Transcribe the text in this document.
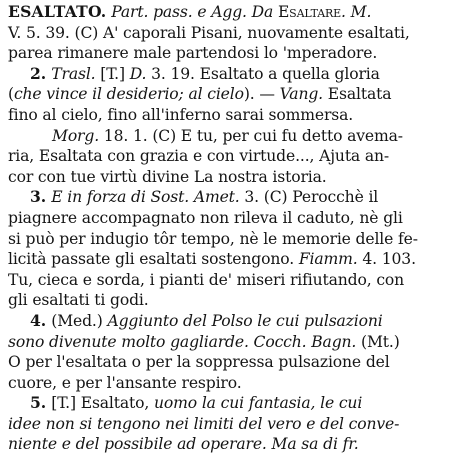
ESALTATO. Part. pass. e Agg. Da Esaltare. M.
V. 5. 39. (C) A' caporali Pisani, nuovamente esaltati,
parea rimanere male partendosi lo 'mperadore.
2. Trasl. [T.] D. 3. 19. Esaltato a quella gloria
(che vince il desiderio; al cielo). — Vang. Esaltata
fino al cielo, fino all'inferno sarai sommersa.
Morg. 18. 1. (C) E tu, per cui fu detto avema-
ria, Esaltata con grazia e con virtude..., Ajuta an-
cor con tue virtù divine La nostra istoria.
3. E in forza di Sost. Amet. 3. (C) Perocchè il
piagnere accompagnato non rileva il caduto, nè gli
si può per indugio tôr tempo, nè le memorie delle fe-
licità passate gli esaltati sostengono. Fiamm. 4. 103.
Tu, cieca e sorda, i pianti de' miseri rifiutando, con
gli esaltati ti godi.
4. (Med.) Aggiunto del Polso le cui pulsazioni
sono divenute molto gagliarde. Cocch. Bagn. (Mt.)
O per l'esaltata o per la soppressa pulsazione del
cuore, e per l'ansante respiro.
5. [T.] Esaltato, uomo la cui fantasia, le cui
idee non si tengono nei limiti del vero e del conve-
niente e del possibile ad operare. Ma sa di fr.
